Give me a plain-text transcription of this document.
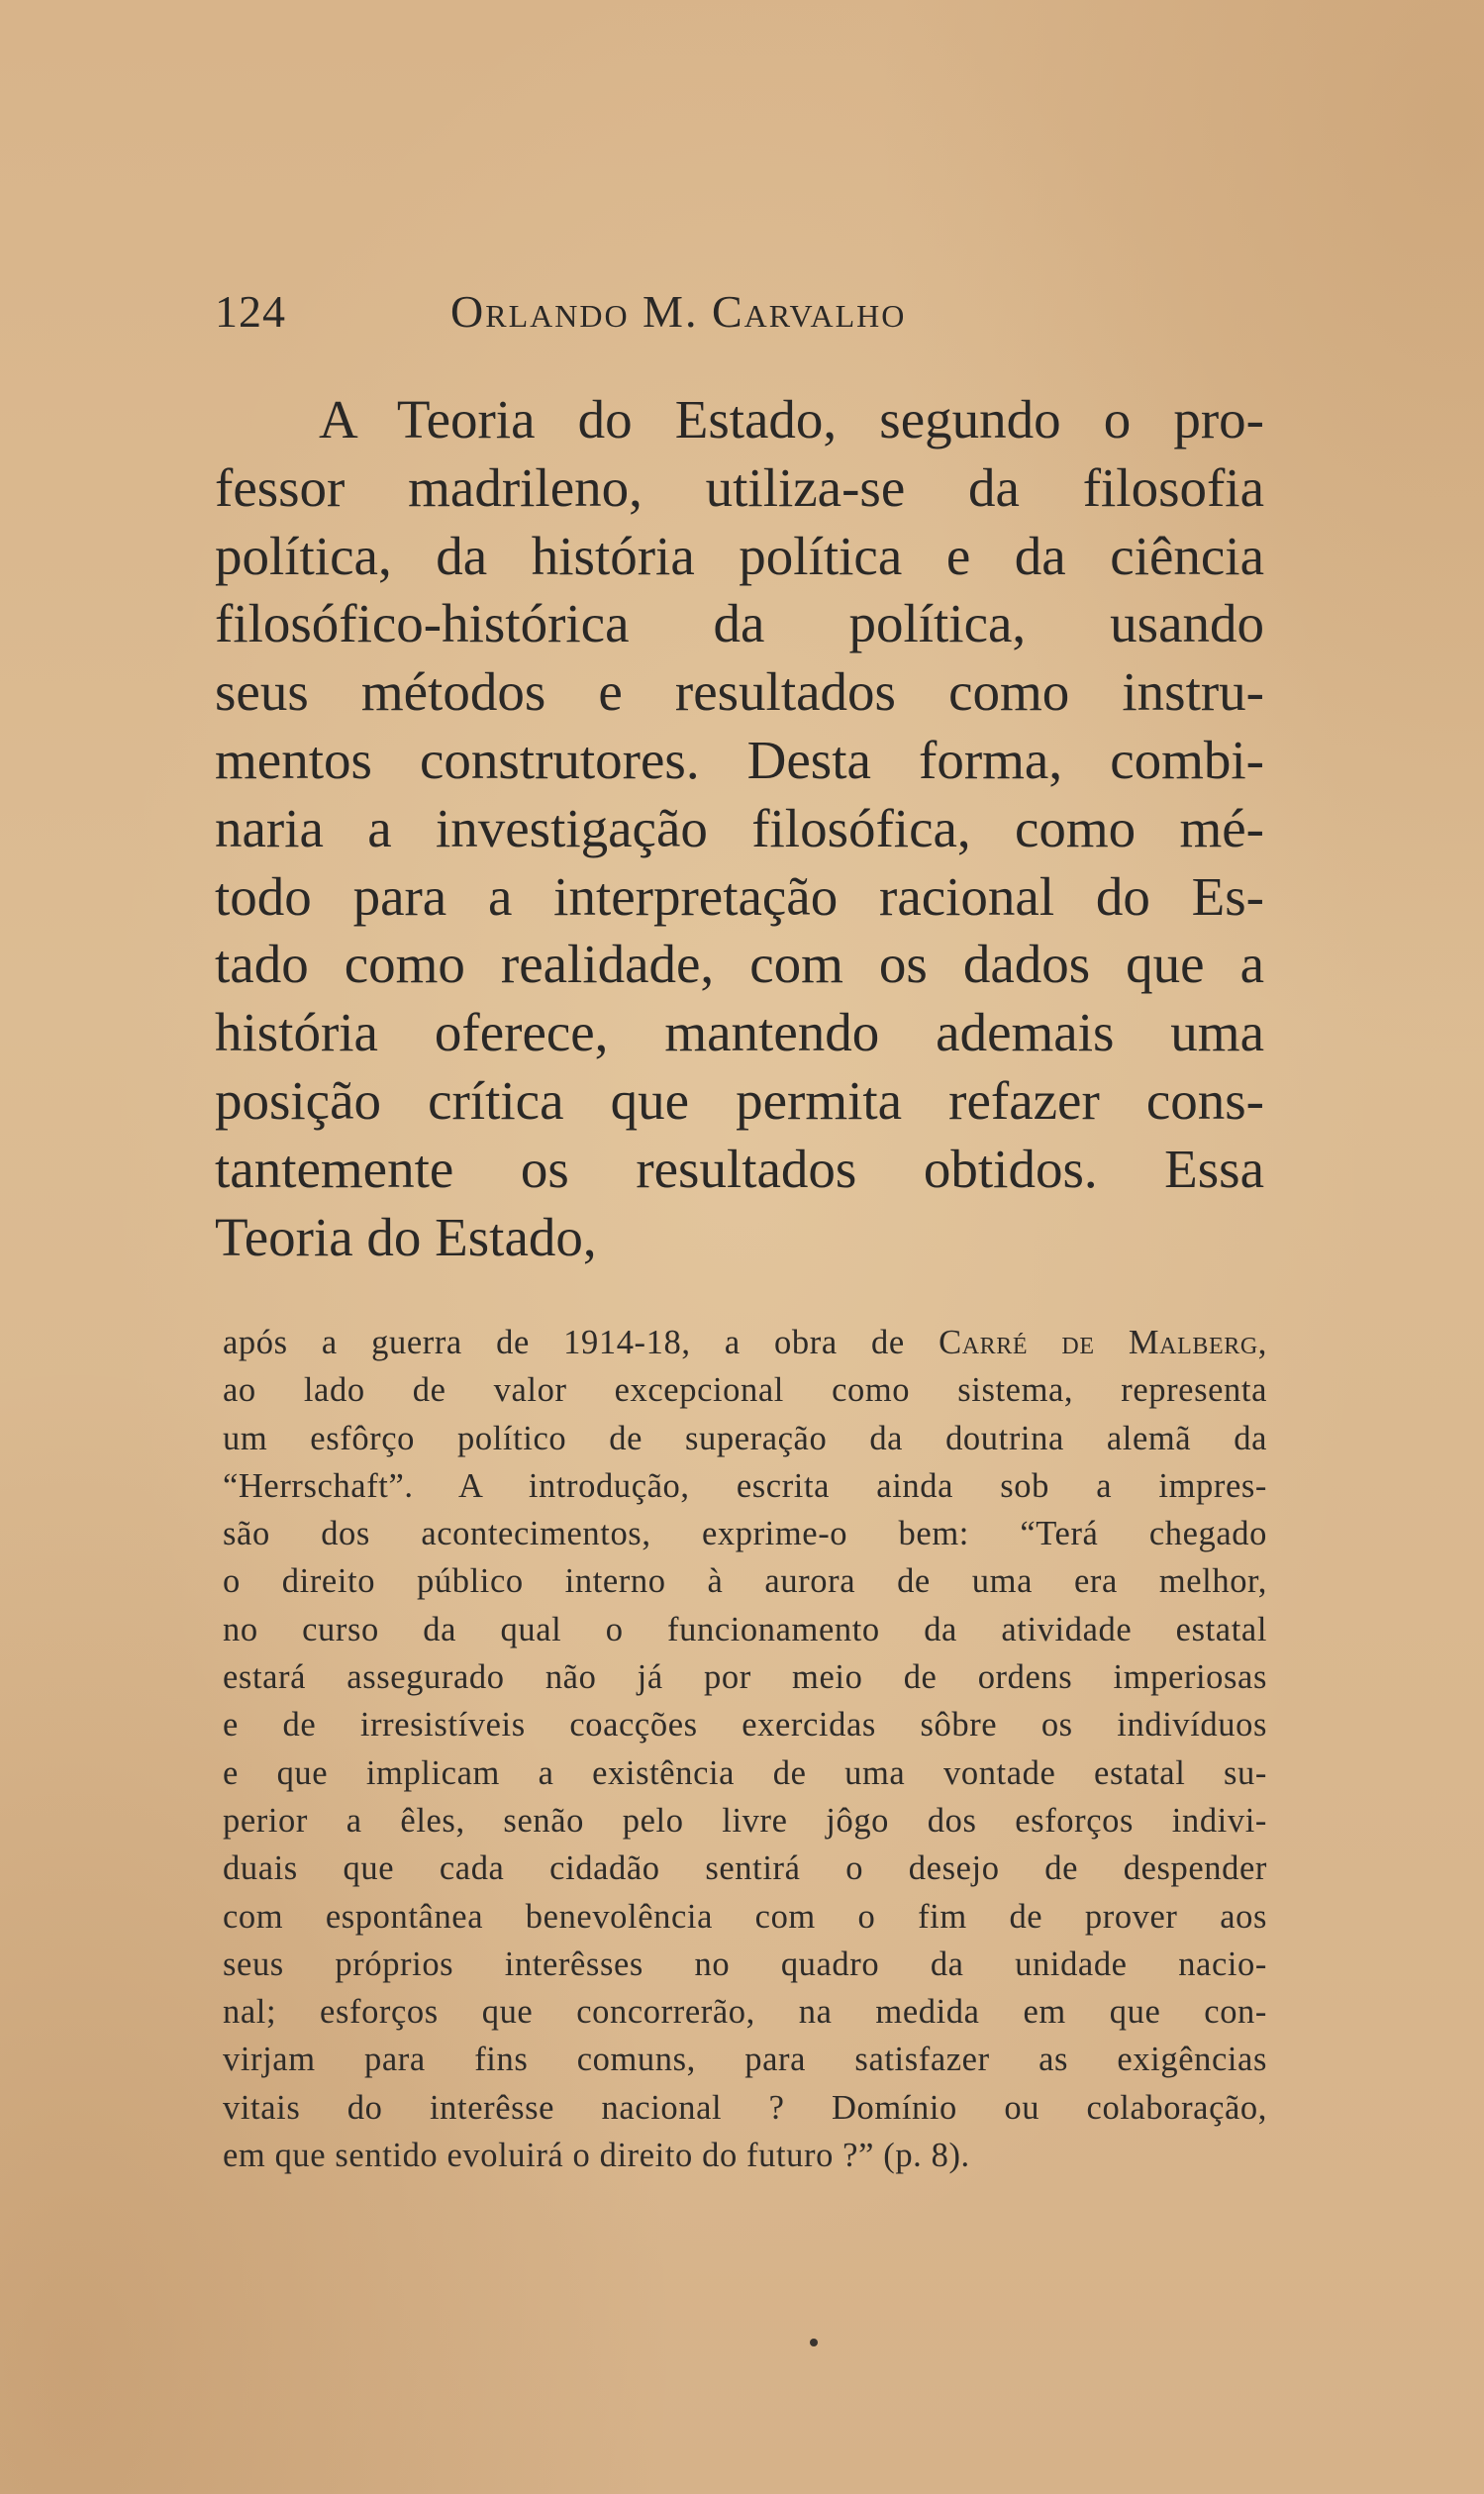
124	Orlando M. Carvalho
A Teoria do Estado, segundo o pro-
fessor madrileno, utiliza-se da filosofia
política, da história política e da ciência
filosófico-histórica da política, usando
seus métodos e resultados como instru-
mentos construtores. Desta forma, combi-
naria a investigação filosófica, como mé-
todo para a interpretação racional do Es-
tado como realidade, com os dados que a
história oferece, mantendo ademais uma
posição crítica que permita refazer cons-
tantemente os resultados obtidos. Essa
Teoria do Estado,
após a guerra de 1914-18, a obra de Carré de Malberg,
ao lado de valor excepcional como sistema, representa
um esfôrço político de superação da doutrina alemã da
“Herrschaft”. A introdução, escrita ainda sob a impres-
são dos acontecimentos, exprime-o bem: “Terá chegado
o direito público interno à aurora de uma era melhor,
no curso da qual o funcionamento da atividade estatal
estará assegurado não já por meio de ordens imperiosas
e de irresistíveis coacções exercidas sôbre os indivíduos
e que implicam a existência de uma vontade estatal su-
perior a êles, senão pelo livre jôgo dos esforços indivi-
duais que cada cidadão sentirá o desejo de despender
com espontânea benevolência com o fim de prover aos
seus próprios interêsses no quadro da unidade nacio-
nal; esforços que concorrerão, na medida em que con-
virjam para fins comuns, para satisfazer as exigências
vitais do interêsse nacional ? Domínio ou colaboração,
em que sentido evoluirá o direito do futuro ?” (p. 8).
